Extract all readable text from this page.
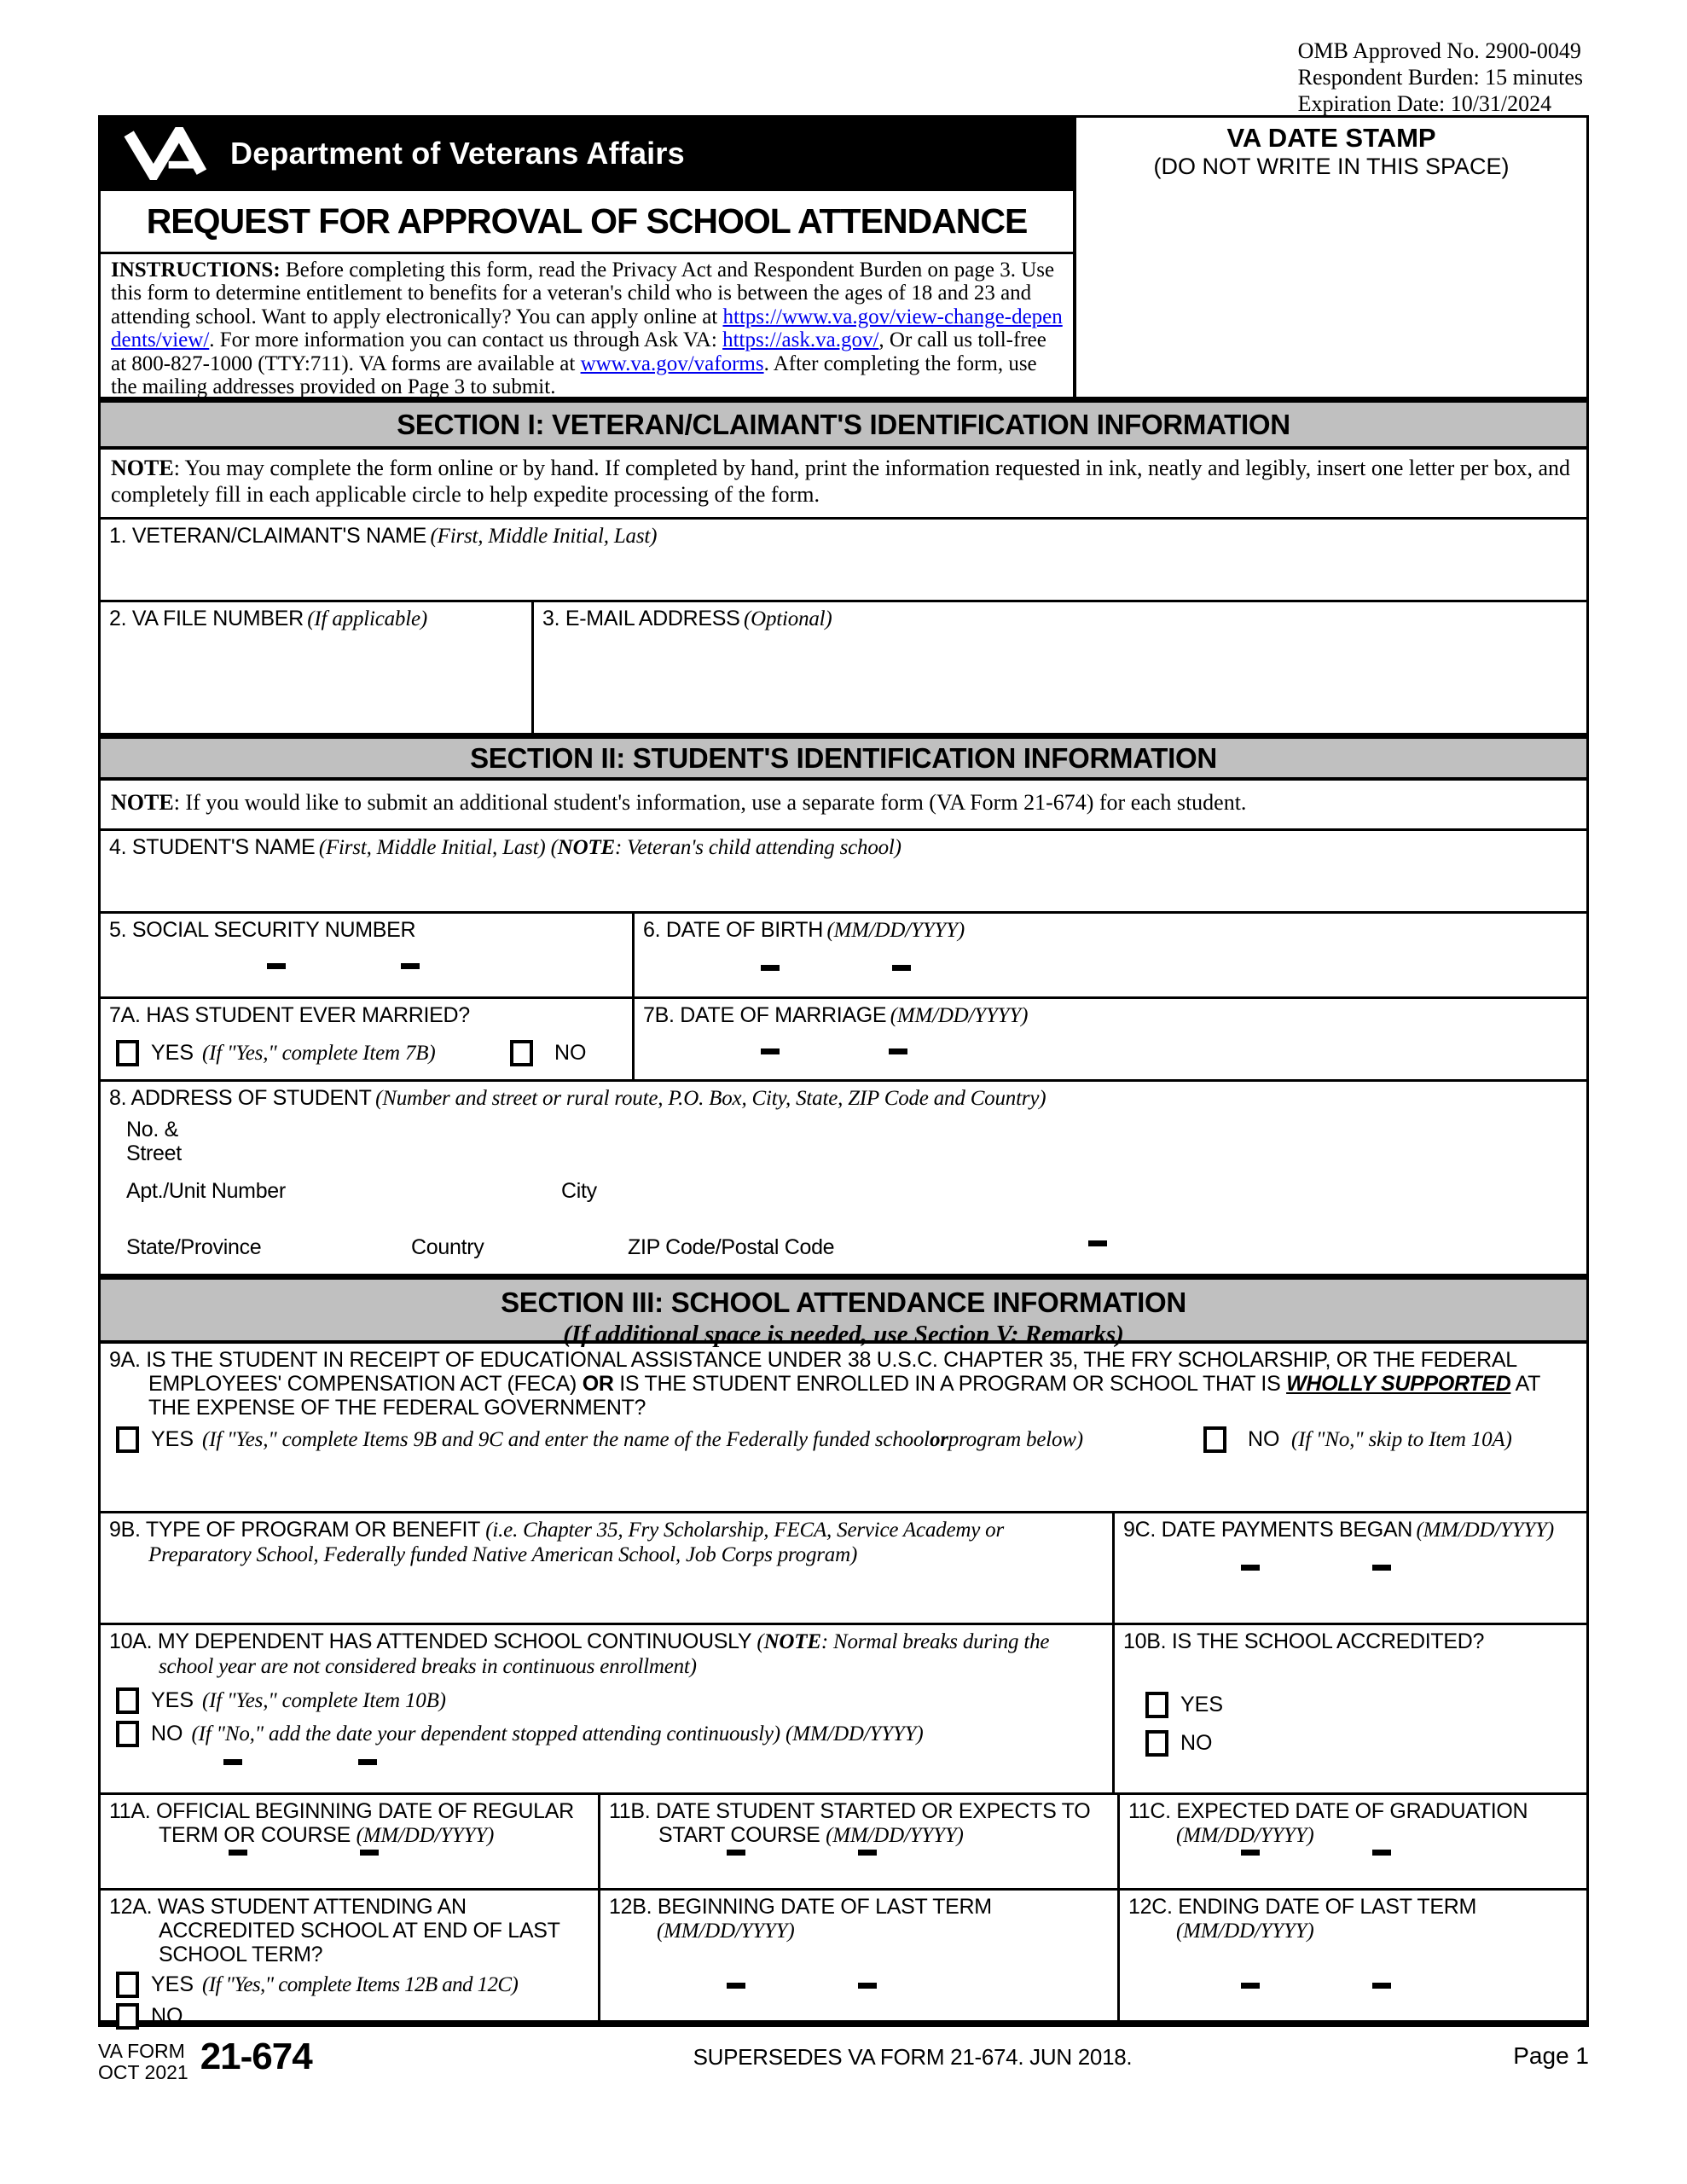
OMB Approved No. 2900-0049
Respondent Burden: 15 minutes
Expiration Date: 10/31/2024
Department of Veterans Affairs
REQUEST FOR APPROVAL OF SCHOOL ATTENDANCE
INSTRUCTIONS: Before completing this form, read the Privacy Act and Respondent Burden on page 3. Use this form to determine entitlement to benefits for a veteran's child who is between the ages of 18 and 23 and attending school. Want to apply electronically? You can apply online at https://www.va.gov/view-change-dependents/view/. For more information you can contact us through Ask VA: https://ask.va.gov/, Or call us toll-free at 800-827-1000 (TTY:711). VA forms are available at www.va.gov/vaforms. After completing the form, use the mailing addresses provided on Page 3 to submit.
VA DATE STAMP
(DO NOT WRITE IN THIS SPACE)
SECTION I: VETERAN/CLAIMANT'S IDENTIFICATION INFORMATION
NOTE: You may complete the form online or by hand. If completed by hand, print the information requested in ink, neatly and legibly, insert one letter per box, and completely fill in each applicable circle to help expedite processing of the form.
1. VETERAN/CLAIMANT'S NAME (First, Middle Initial, Last)
2. VA FILE NUMBER (If applicable)	3. E-MAIL ADDRESS (Optional)
SECTION II: STUDENT'S IDENTIFICATION INFORMATION
NOTE: If you would like to submit an additional student's information, use a separate form (VA Form 21-674) for each student.
4. STUDENT'S NAME (First, Middle Initial, Last) (NOTE: Veteran's child attending school)
5. SOCIAL SECURITY NUMBER	6. DATE OF BIRTH (MM/DD/YYYY)
7A. HAS STUDENT EVER MARRIED?
YES (If "Yes," complete Item 7B)	NO
7B. DATE OF MARRIAGE (MM/DD/YYYY)
8. ADDRESS OF STUDENT (Number and street or rural route, P.O. Box, City, State, ZIP Code and Country)
No. &
Street
Apt./Unit Number	City
State/Province	Country	ZIP Code/Postal Code
SECTION III: SCHOOL ATTENDANCE INFORMATION
(If additional space is needed, use Section V: Remarks)
9A. IS THE STUDENT IN RECEIPT OF EDUCATIONAL ASSISTANCE UNDER 38 U.S.C. CHAPTER 35, THE FRY SCHOLARSHIP, OR THE FEDERAL EMPLOYEES' COMPENSATION ACT (FECA) OR IS THE STUDENT ENROLLED IN A PROGRAM OR SCHOOL THAT IS WHOLLY SUPPORTED AT THE EXPENSE OF THE FEDERAL GOVERNMENT?
YES (If "Yes," complete Items 9B and 9C and enter the name of the Federally funded school or program below)	NO (If "No," skip to Item 10A)
9B. TYPE OF PROGRAM OR BENEFIT (i.e. Chapter 35, Fry Scholarship, FECA, Service Academy or Preparatory School, Federally funded Native American School, Job Corps program)
9C. DATE PAYMENTS BEGAN (MM/DD/YYYY)
10A. MY DEPENDENT HAS ATTENDED SCHOOL CONTINUOUSLY (NOTE: Normal breaks during the school year are not considered breaks in continuous enrollment)
YES (If "Yes," complete Item 10B)
NO (If "No," add the date your dependent stopped attending continuously) (MM/DD/YYYY)
10B. IS THE SCHOOL ACCREDITED?
YES
NO
11A. OFFICIAL BEGINNING DATE OF REGULAR TERM OR COURSE (MM/DD/YYYY)
11B. DATE STUDENT STARTED OR EXPECTS TO START COURSE (MM/DD/YYYY)
11C. EXPECTED DATE OF GRADUATION
(MM/DD/YYYY)
12A. WAS STUDENT ATTENDING AN ACCREDITED SCHOOL AT END OF LAST SCHOOL TERM?
YES (If "Yes," complete Items 12B and 12C)
NO
12B. BEGINNING DATE OF LAST TERM
(MM/DD/YYYY)
12C. ENDING DATE OF LAST TERM
(MM/DD/YYYY)
VA FORM
OCT 2021 21-674	SUPERSEDES VA FORM 21-674. JUN 2018.	Page 1
